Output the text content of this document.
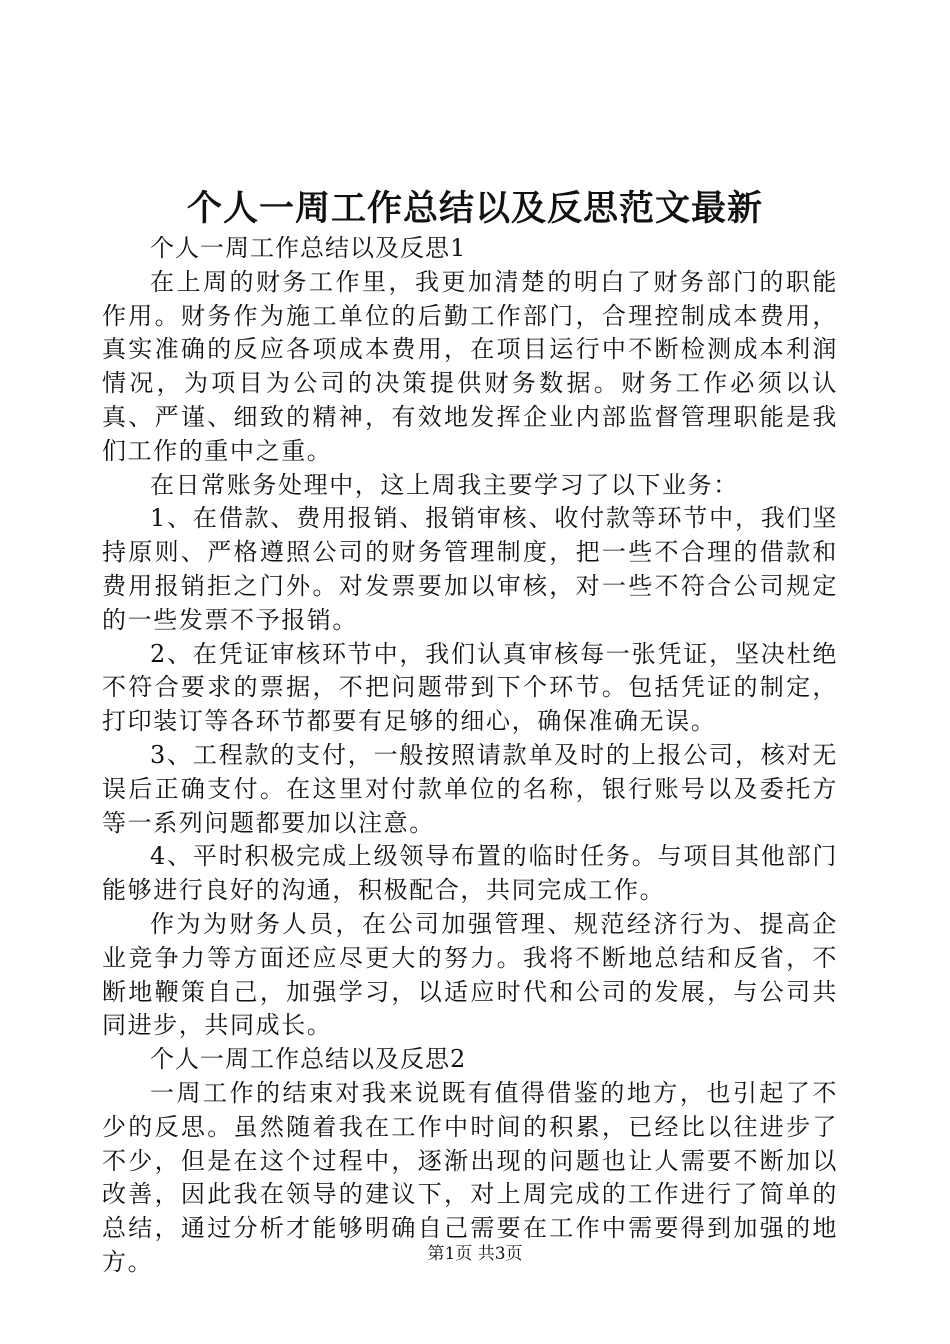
个人一周工作总结以及反思范文最新

个人一周工作总结以及反思1

在上周的财务工作里，我更加清楚的明白了财务部门的职能作用。财务作为施工单位的后勤工作部门，合理控制成本费用，真实准确的反应各项成本费用，在项目运行中不断检测成本利润情况，为项目为公司的决策提供财务数据。财务工作必须以认真、严谨、细致的精神，有效地发挥企业内部监督管理职能是我们工作的重中之重。

在日常账务处理中，这上周我主要学习了以下业务：

1、在借款、费用报销、报销审核、收付款等环节中，我们坚持原则、严格遵照公司的财务管理制度，把一些不合理的借款和费用报销拒之门外。对发票要加以审核，对一些不符合公司规定的一些发票不予报销。

2、在凭证审核环节中，我们认真审核每一张凭证，坚决杜绝不符合要求的票据，不把问题带到下个环节。包括凭证的制定，打印装订等各环节都要有足够的细心，确保准确无误。

3、工程款的支付，一般按照请款单及时的上报公司，核对无误后正确支付。在这里对付款单位的名称，银行账号以及委托方等一系列问题都要加以注意。

4、平时积极完成上级领导布置的临时任务。与项目其他部门能够进行良好的沟通，积极配合，共同完成工作。

作为为财务人员，在公司加强管理、规范经济行为、提高企业竞争力等方面还应尽更大的努力。我将不断地总结和反省，不断地鞭策自己，加强学习，以适应时代和公司的发展，与公司共同进步，共同成长。

个人一周工作总结以及反思2

一周工作的结束对我来说既有值得借鉴的地方，也引起了不少的反思。虽然随着我在工作中时间的积累，已经比以往进步了不少，但是在这个过程中，逐渐出现的问题也让人需要不断加以改善，因此我在领导的建议下，对上周完成的工作进行了简单的总结，通过分析才能够明确自己需要在工作中需要得到加强的地方。	第1页 共3页
